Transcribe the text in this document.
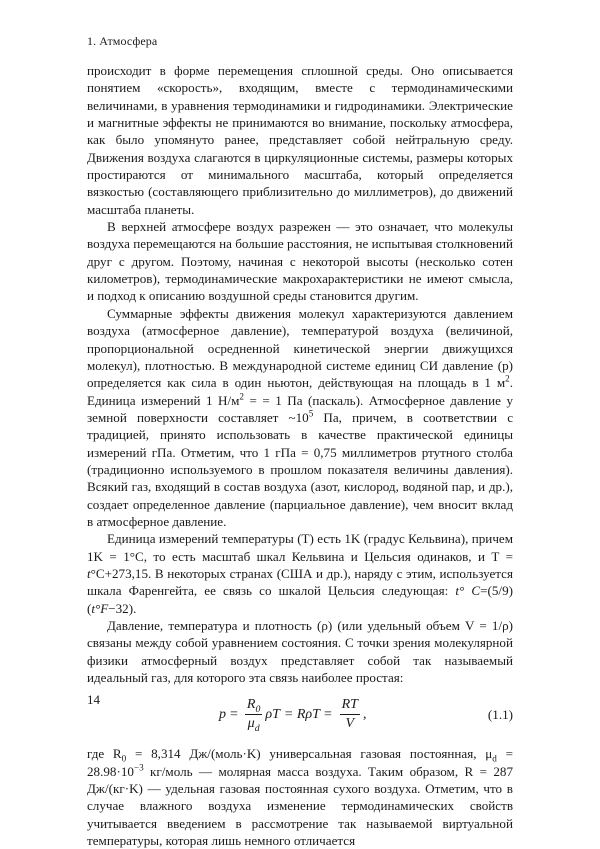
1. Атмосфера

происходит в форме перемещения сплошной среды. Оно описывается понятием «скорость», входящим, вместе с термодинамическими величинами, в уравнения термодинамики и гидродинамики. Электрические и магнитные эффекты не принимаются во внимание, поскольку атмосфера, как было упомянуто ранее, представляет собой нейтральную среду. Движения воздуха слагаются в циркуляционные системы, размеры которых простираются от минимального масштаба, который определяется вязкостью (составляющего приблизительно до миллиметров), до движений масштаба планеты.

В верхней атмосфере воздух разрежен — это означает, что молекулы воздуха перемещаются на большие расстояния, не испытывая столкновений друг с другом. Поэтому, начиная с некоторой высоты (несколько сотен километров), термодинамические макрохарактеристики не имеют смысла, и подход к описанию воздушной среды становится другим.

Суммарные эффекты движения молекул характеризуются давлением воздуха (атмосферное давление), температурой воздуха (величиной, пропорциональной осредненной кинетической энергии движущихся молекул), плотностью. В международной системе единиц СИ давление (p) определяется как сила в один ньютон, действующая на площадь в 1 $м^2$. Единица измерений 1 $Н/м^2$ = = 1 Па (паскаль). Атмосферное давление у земной поверхности составляет $\sim 10^5$ Па, причем, в соответствии с традицией, принято использовать в качестве практической единицы измерений гПа. Отметим, что 1 гПа = 0,75 миллиметров ртутного столба (традиционно используемого в прошлом показателя величины давления). Всякий газ, входящий в состав воздуха (азот, кислород, водяной пар, и др.), создает определенное давление (парциальное давление), чем вносит вклад в атмосферное давление.

Единица измерений температуры (T) есть 1K (градус Кельвина), причем 1K = 1°C, то есть масштаб шкал Кельвина и Цельсия одинаков, и T = t°C+273,15. В некоторых странах (США и др.), наряду с этим, используется шкала Фаренгейта, ее связь со шкалой Цельсия следующая: t° C=(5/9)(t°F−32).

Давление, температура и плотность (ρ) (или удельный объем V = 1/ρ) связаны между собой уравнением состояния. С точки зрения молекулярной физики атмосферный воздух представляет собой так называемый идеальный газ, для которого эта связь наиболее простая:

$p = \frac{R_0}{\mu_d}$ $\rho T = R\rho T = \frac{RT}{V}$ ,	(1.1)

где $R_0 = 8,314$ Дж/(моль·K) универсальная газовая постоянная, $\mu_d = 28.98\cdot 10^{-3}$ кг/моль — молярная масса воздуха. Таким образом, R = 287 Дж/(кг·K) — удельная газовая постоянная сухого воздуха. Отметим, что в случае влажного воздуха изменение термодинамических свойств учитывается введением в рассмотрение так называемой виртуальной температуры, которая лишь немного отличается

14
